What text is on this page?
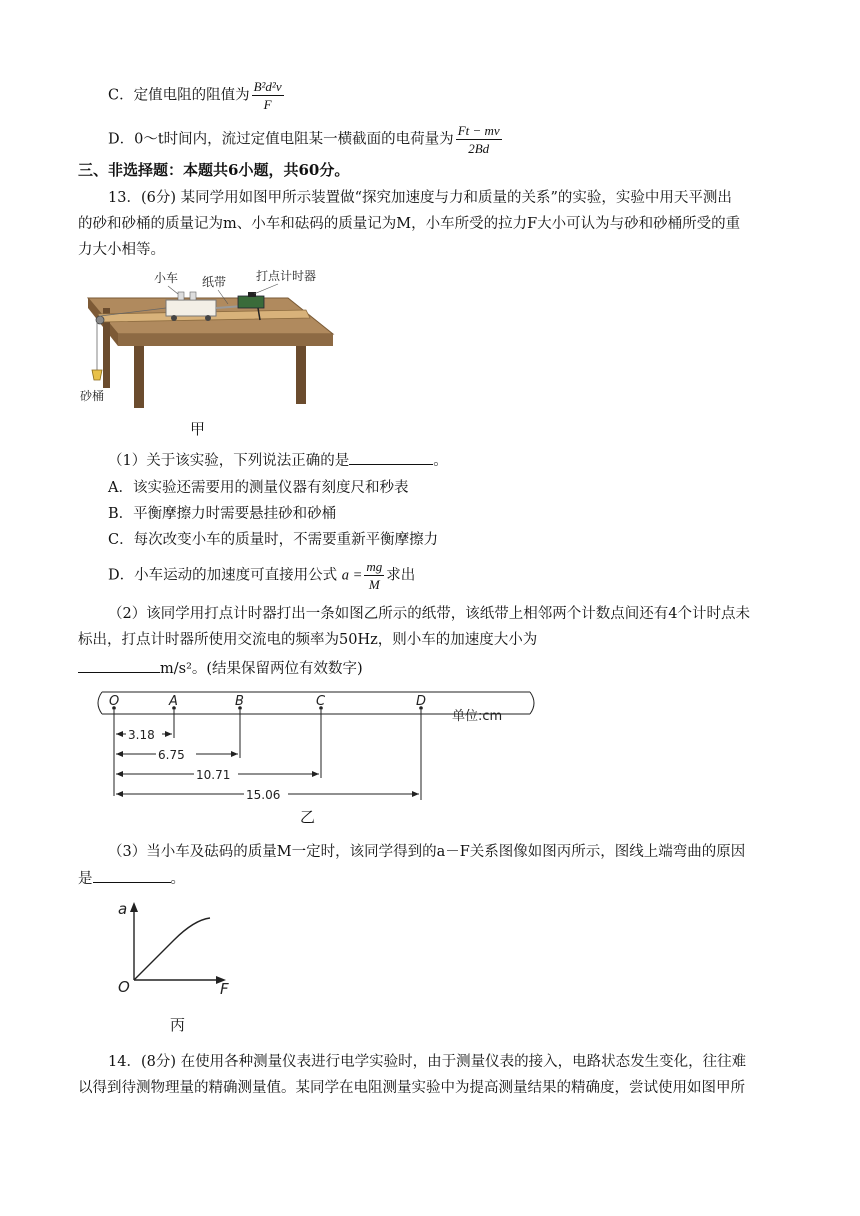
C．定值电阻的阻值为 $\frac{\text{B²d²v}}{F}$
D．0～t时间内，流过定值电阻某一横截面的电荷量为 $\frac{Ft - mv}{2Bd}$
三、非选择题：本题共6小题，共60分。
13．(6分) 某同学用如图甲所示装置做“探究加速度与力和质量的关系”的实验，实验中用天平测出
的砂和砂桶的质量记为m、小车和砝码的质量记为M，小车所受的拉力F大小可认为与砂和砂桶所受的重
力大小相等。
小车 纸带 打点计时器
砂桶
甲
（1）关于该实验，下列说法正确的是	。
A．该实验还需要用的测量仪器有刻度尺和秒表
B．平衡摩擦力时需要悬挂砂和砂桶
C．每次改变小车的质量时，不需要重新平衡摩擦力
D．小车运动的加速度可直接用公式 $a = \frac{mg}{M}$ 求出
（2）该同学用打点计时器打出一条如图乙所示的纸带，该纸带上相邻两个计数点间还有4个计时点未
标出，打点计时器所使用交流电的频率为50Hz，则小车的加速度大小为
m/s²。(结果保留两位有效数字)
O	A	B	C	D
单位:cm
3.18
6.75
10.71
15.06
乙
（3）当小车及砝码的质量M一定时，该同学得到的a－F关系图像如图丙所示，图线上端弯曲的原因
是	。
a
F
O
丙
14．(8分) 在使用各种测量仪表进行电学实验时，由于测量仪表的接入，电路状态发生变化，往往难
以得到待测物理量的精确测量值。某同学在电阻测量实验中为提高测量结果的精确度，尝试使用如图甲所
